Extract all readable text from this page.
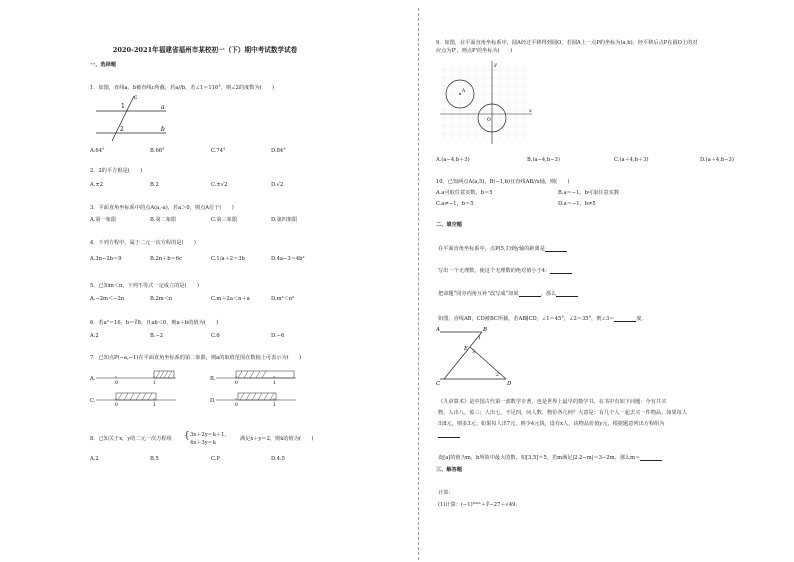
2020-2021年福建省福州市某校初一（下）期中考试数学试卷
一、选择题
1．如图，直线a，b被直线c所截，若a//b，若∠1＝116°，则∠2的度数为(　　)
c
a
b
1
2
A.64°	B.66°	C.74°	D.84°
2．2的平方根是(　　)
A.±2	B.2	C.±√2	D.√2
3．平面直角坐标系中的点A(a,-a)，若a＞0，则点A位于(　　)
A.第一象限	B.第二象限	C.第三象限	D.第四象限
4．下列方程中，属于二元一次方程的是(　　)
A.3n−2b＝9	B.2n＋b＝6c	C.1/a＋2＝3b	D.4a−3＝4b²
5．已知m＜n，下列不等式一定成立的是(　　)
A.−2m＜−2n	B.2m＜n	C.m＋2a＜n＋a	D.m²＜n²
6．若a²＝16，b＝∛8，且ab＜0，则a＋b的值为(　　)
A.2	B.−2	C.6	D.−6
7．已知点P(−a,−1)在平面直角坐标系的第二象限，则a的取值范围在数轴上可表示为(　　)
A.
0	1
B.
0	1
C.
0	1
D.
0	1
8．已知关于x，y的二元一次方程组 { 3x＋2y＝k＋1,
4x＋3y＝k
满足x＋y＝2，则k的值为(　　)
A.2	B.5	C.P	D.4.5
9．如图，在平面直角坐标系中，圆A经过平移得到圆O，若圆A上一点P的坐标为(a,b)，经平移后点P在圆O上的对
应点为P'，则点P'的坐标为(　　)
y
x
O
A
A.(a−4,b＋3)	B.(a−4,b−3)	C.(a＋4,b＋3)	D.(a＋4,b−3)
10．已知两点A(a,5)，B(−1,b)且直线AB//x轴，则(　　)
A.a可取任意实数，b＝5	B.a＝−1，b可取任意实数
C.a≠−1，b＝5	D.a＝−1，b≠5
二、填空题
在平面直角坐标系中，点P(5,1)到y轴的距离是
写出一个无理数，使这个无理数的绝对值小于4：
把命题“同旁内角互补”改写成“如果	，那么
如图，直线AB，CD被BC所截，若AB∥CD，∠1＝45°，∠2＝35°，则∠3＝	度．
A	B
C	D
E
1
2
3
《九章算术》是中国古代第一部数学专著，也是世界上最早的数学书，在书中有如下问题：今有共买
物，人出八，盈三；人出七，不足四，问人数、物价各几何？大意是：有几个人一起去买一件物品，如果每人
出8元，则多3元；如果每人出7元，则少4元钱，设有x人，该物品价值y元，根据题意列出方程组为
设[a]的值为m，b所故中最大的数，如[3,5]＝5，若m满足|2.2−m|＝3−2m，那么m＝
三、解答题
计算：
(1)计算：(−1)²⁰²¹＋∛−27＋√49.
